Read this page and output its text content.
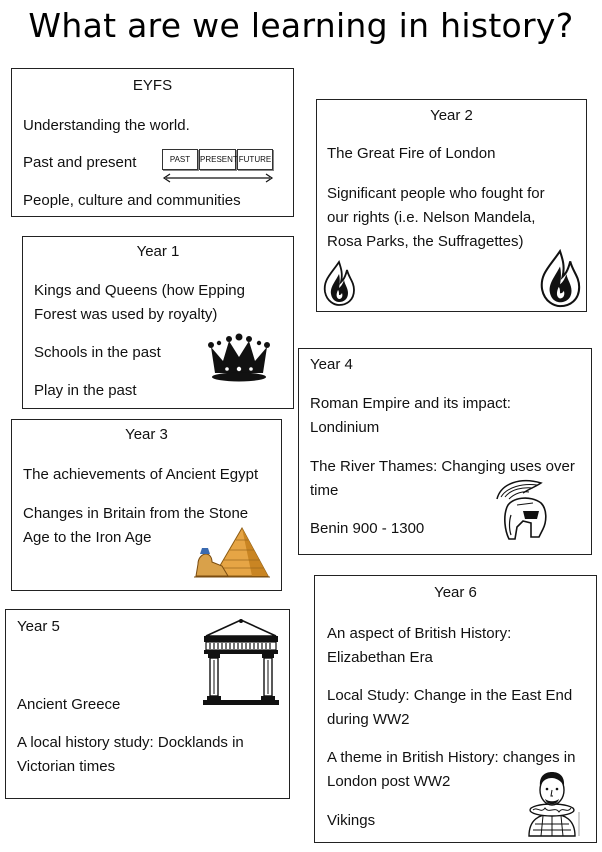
What are we learning in history?
EYFS
Understanding the world.
Past and present
People, culture and communities
PAST	PRESENT FUTURE
Year 2
The Great Fire of London
Significant people who fought for
our rights (i.e. Nelson Mandela,
Rosa Parks, the Suffragettes)
Year 1
Kings and Queens (how Epping
Forest was used by royalty)
Schools in the past
Play in the past
Year 4
Roman Empire and its impact:
Londinium
The River Thames: Changing uses over
time
Benin 900 - 1300
Year 3
The achievements of Ancient Egypt
Changes in Britain from the Stone
Age to the Iron Age
Year 5
Ancient Greece
A local history study: Docklands in
Victorian times
Year 6
An aspect of British History:
Elizabethan Era
Local Study: Change in the East End
during WW2
A theme in British History: changes in
London post WW2
Vikings
